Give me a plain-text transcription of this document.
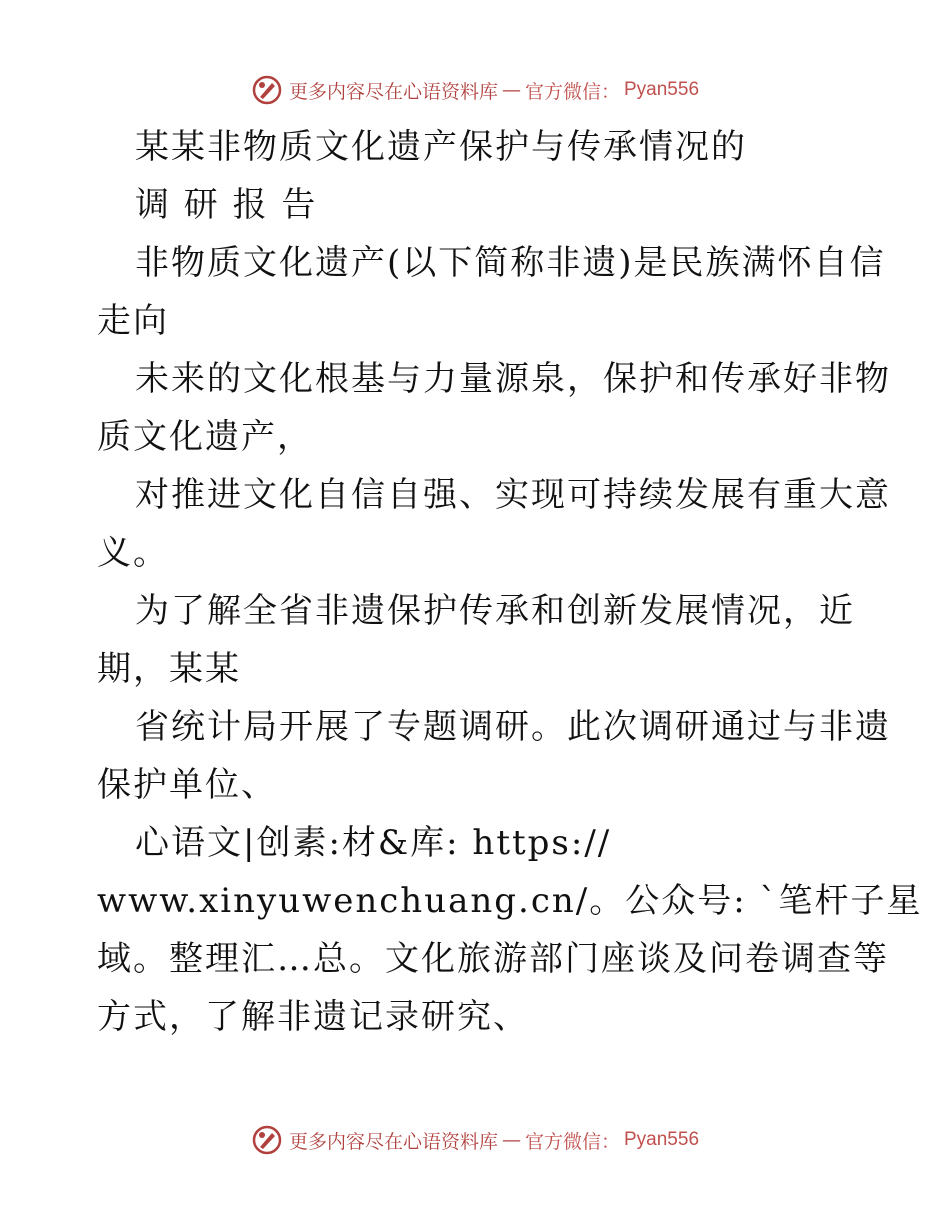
更多内容尽在心语资料库 — 官方微信： Pyan556
某某非物质文化遗产保护与传承情况的
调 研 报 告
非物质文化遗产(以下简称非遗)是民族满怀自信
走向
未来的文化根基与力量源泉，保护和传承好非物
质文化遗产，
对推进文化自信自强、实现可持续发展有重大意
义。
为了解全省非遗保护传承和创新发展情况，近
期，某某
省统计局开展了专题调研。此次调研通过与非遗
保护单位、
心语文|创素:材&库: https://
www.xinyuwenchuang.cn/。公众号: `笔杆子星
域。整理汇…总。文化旅游部门座谈及问卷调查等
方式，了解非遗记录研究、
更多内容尽在心语资料库 — 官方微信： Pyan556
